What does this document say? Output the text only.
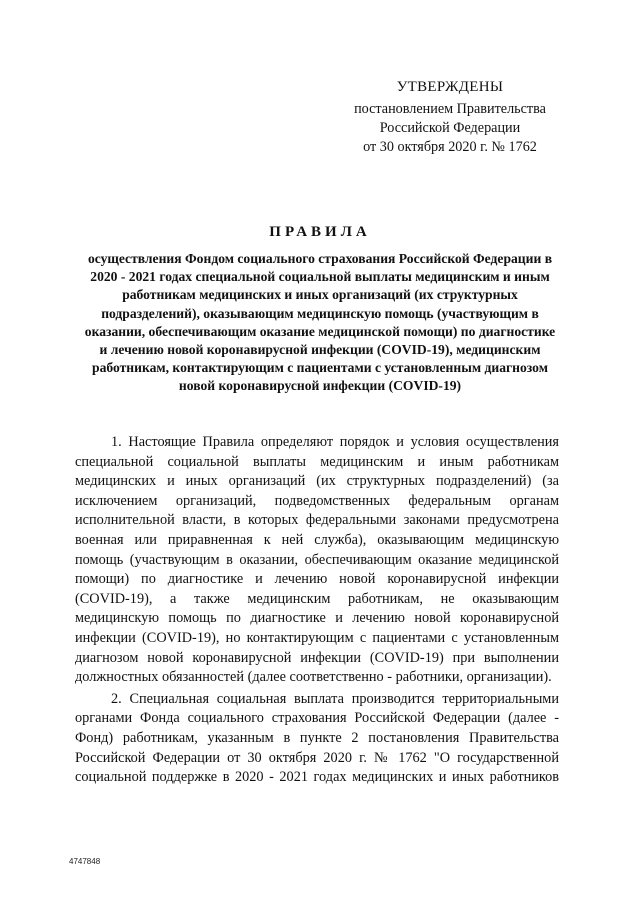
УТВЕРЖДЕНЫ
постановлением Правительства
Российской Федерации
от 30 октября 2020 г. № 1762
ПРАВИЛА
осуществления Фондом социального страхования Российской Федерации в 2020 - 2021 годах специальной социальной выплаты медицинским и иным работникам медицинских и иных организаций (их структурных подразделений), оказывающим медицинскую помощь (участвующим в оказании, обеспечивающим оказание медицинской помощи) по диагностике и лечению новой коронавирусной инфекции (COVID-19), медицинским работникам, контактирующим с пациентами с установленным диагнозом новой коронавирусной инфекции (COVID-19)

1. Настоящие Правила определяют порядок и условия осуществления специальной социальной выплаты медицинским и иным работникам медицинских и иных организаций (их структурных подразделений) (за исключением организаций, подведомственных федеральным органам исполнительной власти, в которых федеральными законами предусмотрена военная или приравненная к ней служба), оказывающим медицинскую помощь (участвующим в оказании, обеспечивающим оказание медицинской помощи) по диагностике и лечению новой коронавирусной инфекции (COVID-19), а также медицинским работникам, не оказывающим медицинскую помощь по диагностике и лечению новой коронавирусной инфекции (COVID-19), но контактирующим с пациентами с установленным диагнозом новой коронавирусной инфекции (COVID-19) при выполнении должностных обязанностей (далее соответственно - работники, организации).

2. Специальная социальная выплата производится территориальными органами Фонда социального страхования Российской Федерации (далее - Фонд) работникам, указанным в пункте 2 постановления Правительства Российской Федерации от 30 октября 2020 г. № 1762 "О государственной социальной поддержке в 2020 - 2021 годах медицинских и иных работников

4747848
